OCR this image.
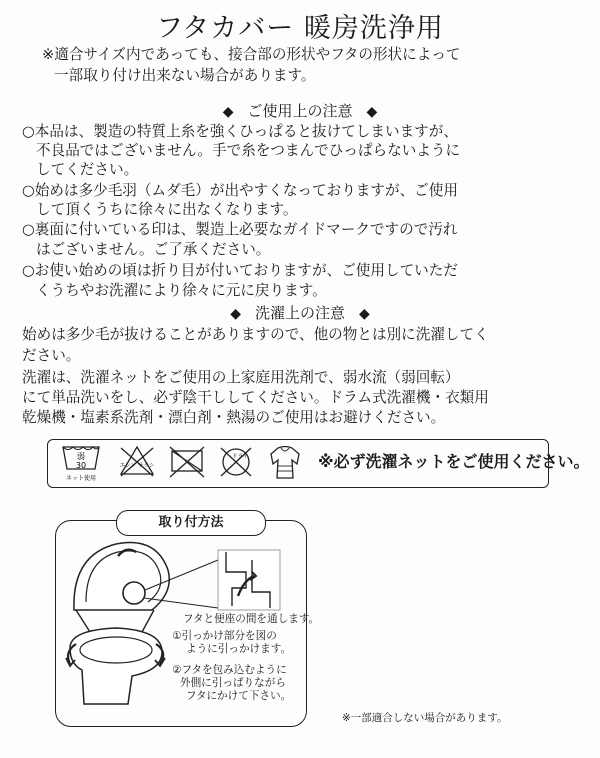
フタカバー 暖房洗浄用
※適合サイズ内であっても、接合部の形状やフタの形状によって
一部取り付け出来ない場合があります。
◆ ご使用上の注意 ◆
○本品は、製造の特質上糸を強くひっぱると抜けてしまいますが、
不良品ではございません。手で糸をつまんでひっぱらないように
してください。
○始めは多少毛羽（ムダ毛）が出やすくなっておりますが、ご使用
して頂くうちに徐々に出なくなります。
○裏面に付いている印は、製造上必要なガイドマークですので汚れ
はございません。ご了承ください。
○お使い始めの頃は折り目が付いておりますが、ご使用していただ
くうちやお洗濯により徐々に元に戻ります。
◆ 洗濯上の注意 ◆
始めは多少毛が抜けることがありますので、他の物とは別に洗濯してく
ださい。
洗濯は、洗濯ネットをご使用の上家庭用洗剤で、弱水流（弱回転）
にて単品洗いをし、必ず陰干ししてください。ドラム式洗濯機・衣類用
乾燥機・塩素系洗剤・漂白剤・熱湯のご使用はお避けください。
弱
30
ネット使用
エンソ サラシ
ドライ	※必ず洗濯ネットをご使用ください。
取り付方法
フタと便座の間を通します。
①引っかけ部分を図の
ように引っかけます。
②フタを包み込むように
外側に引っぱりながら
フタにかけて下さい。
※一部適合しない場合があります。
